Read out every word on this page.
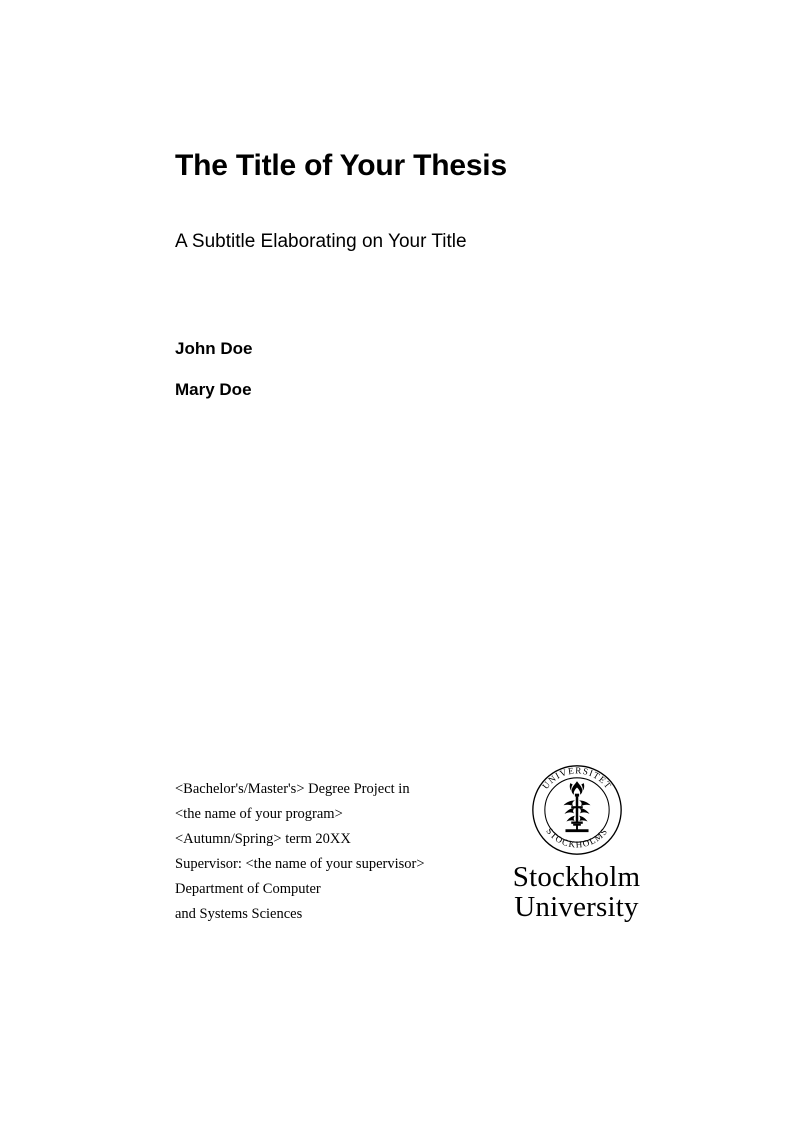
The Title of Your Thesis
A Subtitle Elaborating on Your Title
John Doe
Mary Doe
<Bachelor's/Master's> Degree Project in
<the name of your program>
<Autumn/Spring> term 20XX
Supervisor: <the name of your supervisor>
Department of Computer
and Systems Sciences
UNIVERSITET
STOCKHOLMS
Stockholm
University
